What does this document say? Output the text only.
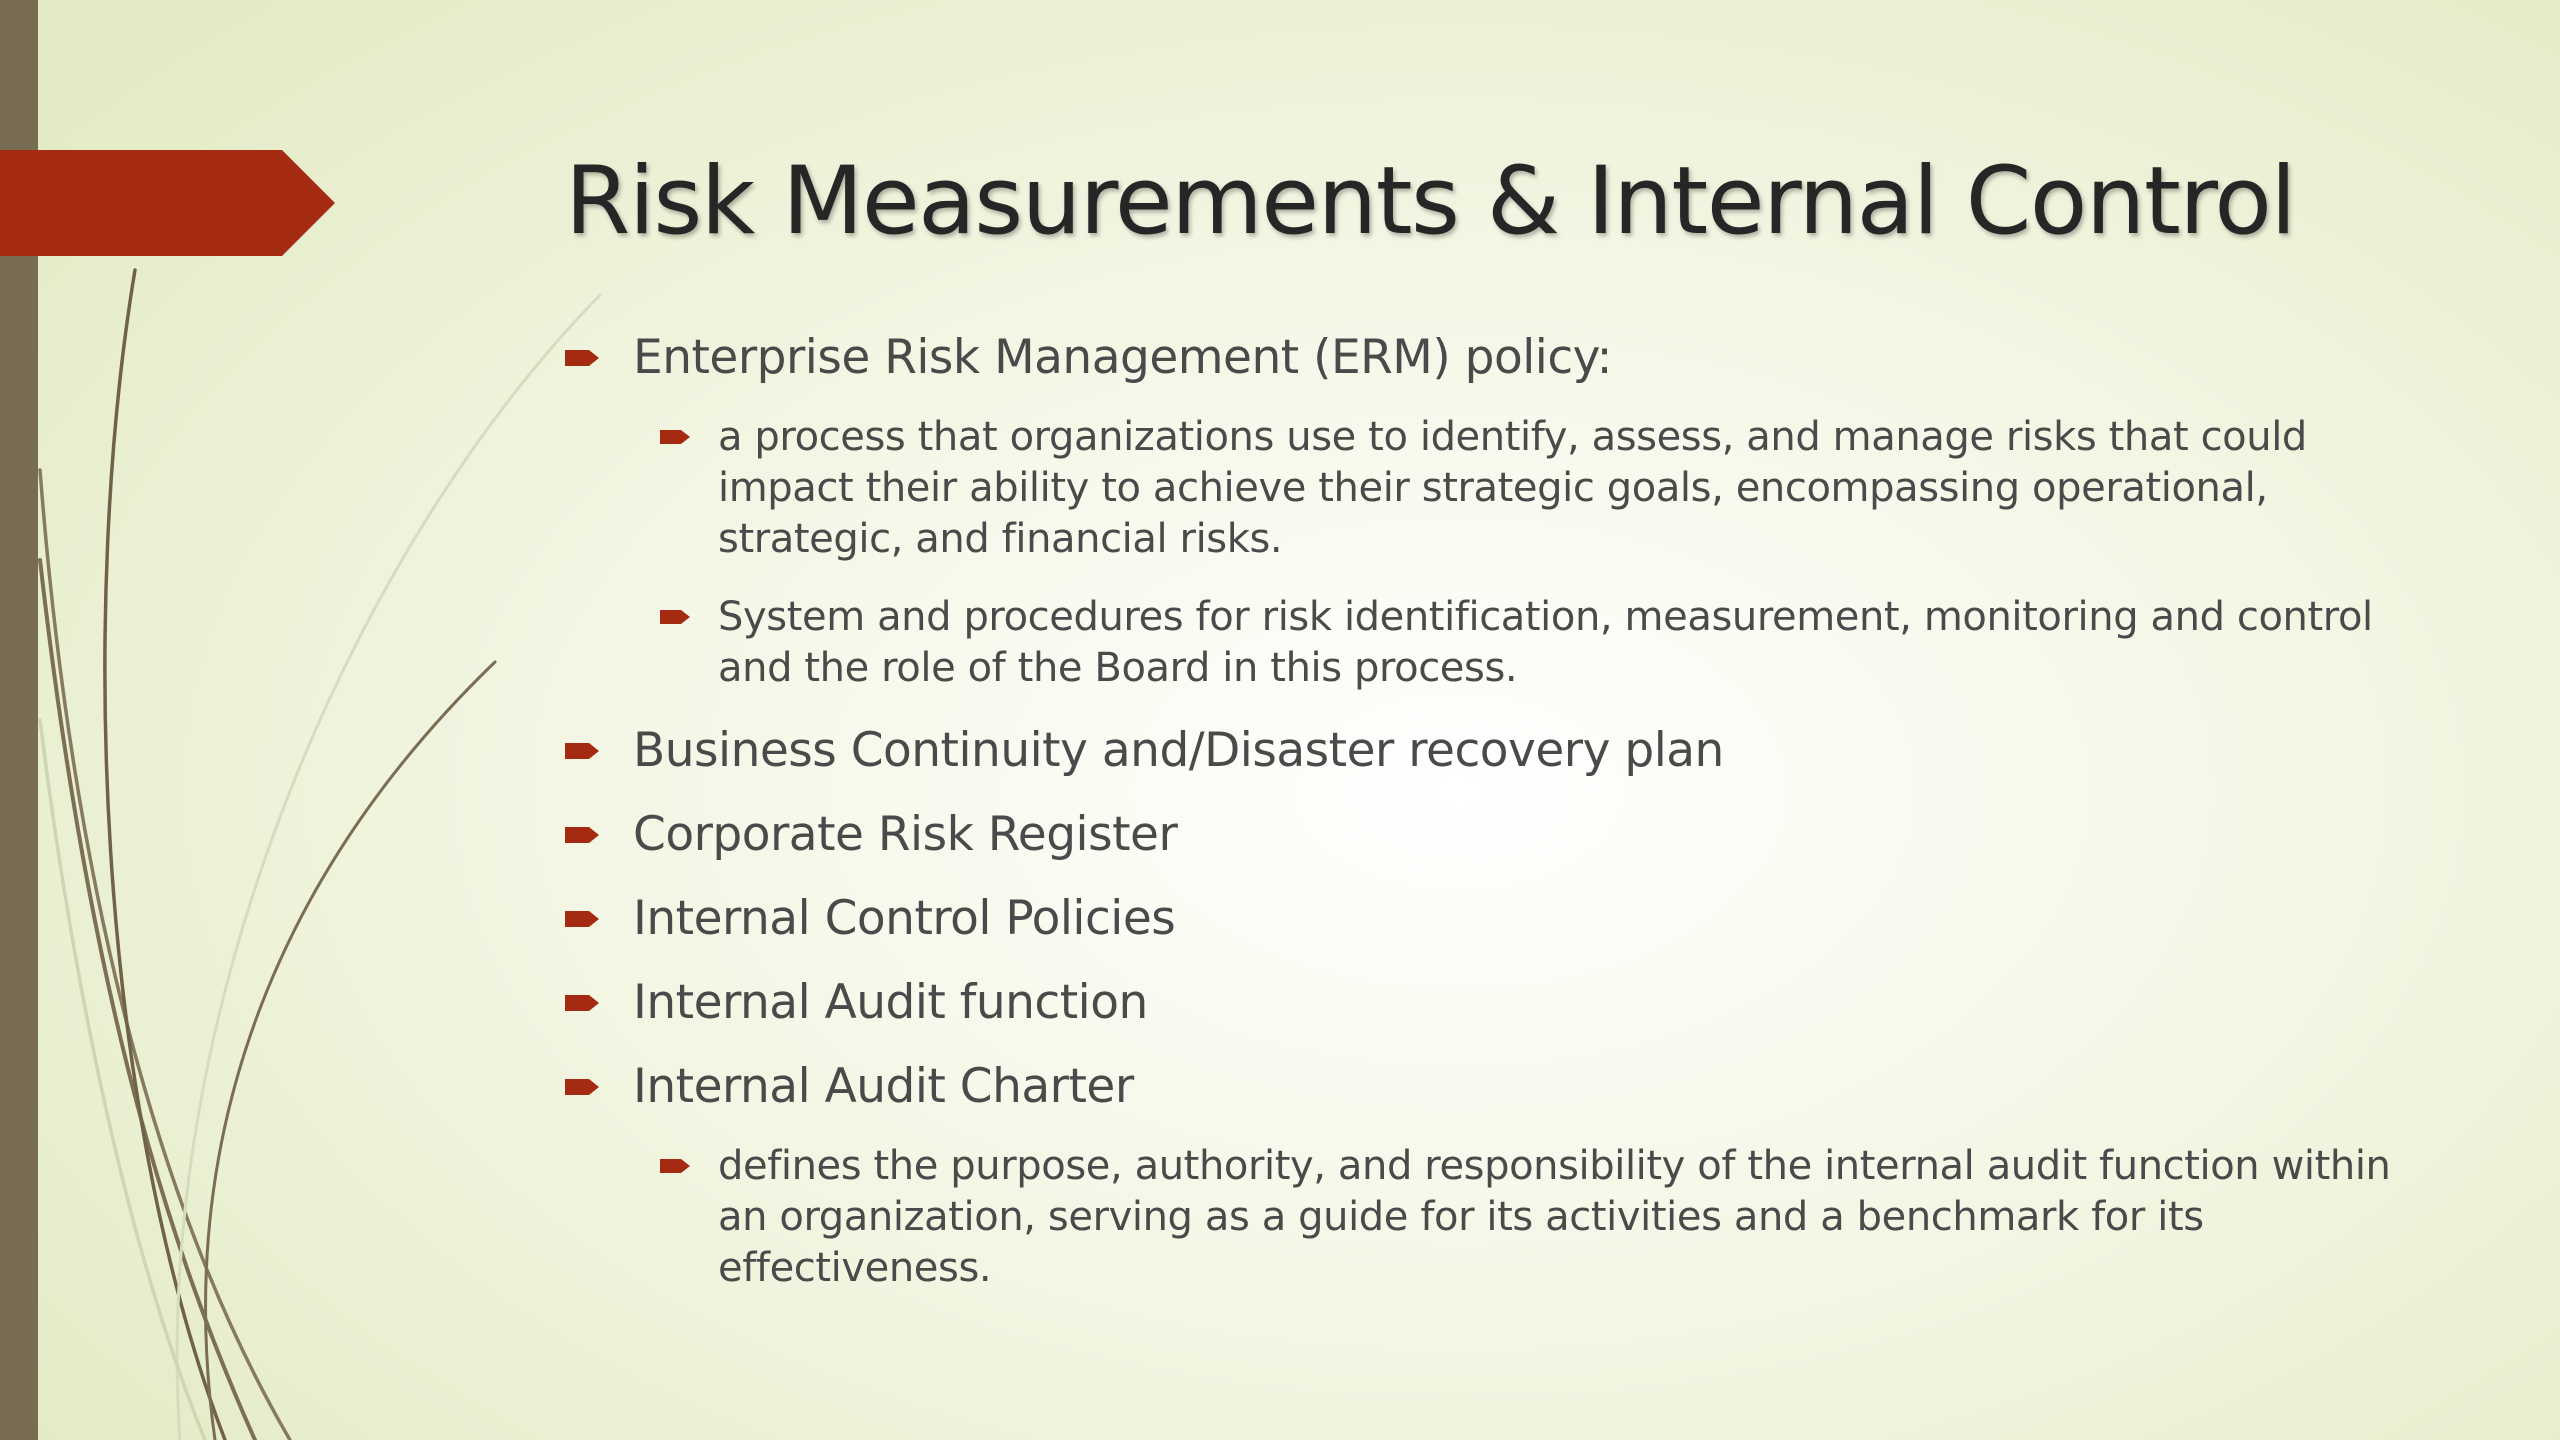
Risk Measurements & Internal Control
Enterprise Risk Management (ERM) policy:
a process that organizations use to identify, assess, and manage risks that could impact their ability to achieve their strategic goals, encompassing operational, strategic, and financial risks.
System and procedures for risk identification, measurement, monitoring and control and the role of the Board in this process.
Business Continuity and/Disaster recovery plan
Corporate Risk Register
Internal Control Policies
Internal Audit function
Internal Audit Charter
defines the purpose, authority, and responsibility of the internal audit function within an organization, serving as a guide for its activities and a benchmark for its effectiveness.
